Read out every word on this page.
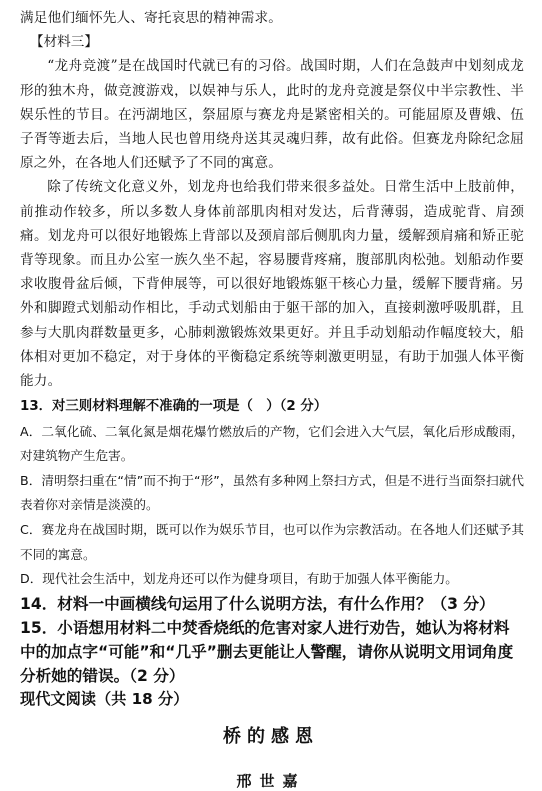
满足他们缅怀先人、寄托哀思的精神需求。

【材料三】

“龙舟竞渡”是在战国时代就已有的习俗。战国时期，人们在急鼓声中划刻成龙形的独木舟，做竞渡游戏，以娱神与乐人，此时的龙舟竞渡是祭仪中半宗教性、半娱乐性的节目。在沔湖地区，祭屈原与赛龙舟是紧密相关的。可能屈原及曹娥、伍子胥等逝去后，当地人民也曾用绕舟送其灵魂归葬，故有此俗。但赛龙舟除纪念屈原之外，在各地人们还赋予了不同的寓意。

除了传统文化意义外，划龙舟也给我们带来很多益处。日常生活中上肢前伸，前推动作较多，所以多数人身体前部肌肉相对发达，后背薄弱，造成驼背、肩颈痛。划龙舟可以很好地锻炼上背部以及颈肩部后侧肌肉力量，缓解颈肩痛和矫正驼背等现象。而且办公室一族久坐不起，容易腰背疼痛，腹部肌肉松弛。划船动作要求收腹骨盆后倾，下背伸展等，可以很好地锻炼躯干核心力量，缓解下腰背痛。另外和脚蹬式划船动作相比，手动式划船由于躯干部的加入，直接刺激呼吸肌群，且参与大肌肉群数量更多，心肺刺激锻炼效果更好。并且手动划船动作幅度较大，船体相对更加不稳定，对于身体的平衡稳定系统等刺激更明显，有助于加强人体平衡能力。

13．对三则材料理解不准确的一项是（　）（2 分）

A．二氧化硫、二氧化氮是烟花爆竹燃放后的产物，它们会进入大气层，氧化后形成酸雨，对建筑物产生危害。

B．清明祭扫重在“情”而不拘于“形”，虽然有多种网上祭扫方式，但是不进行当面祭扫就代表着你对亲情是淡漠的。

C．赛龙舟在战国时期，既可以作为娱乐节目，也可以作为宗教活动。在各地人们还赋予其不同的寓意。

D．现代社会生活中，划龙舟还可以作为健身项目，有助于加强人体平衡能力。

14．材料一中画横线句运用了什么说明方法，有什么作用？（3 分）

15．小语想用材料二中焚香烧纸的危害对家人进行劝告，她认为将材料中的加点字“可能”和“几乎”删去更能让人警醒，请你从说明文用词角度分析她的错误。（2 分）

现代文阅读（共 18 分）

桥的感恩
邢世嘉
